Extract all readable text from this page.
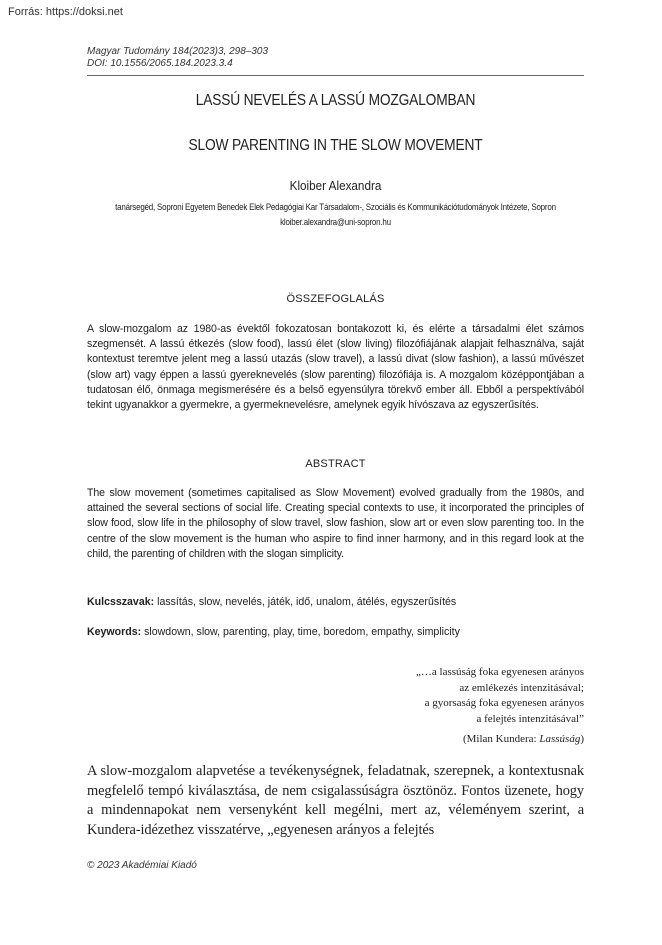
Forrás: https://doksi.net
Magyar Tudomány 184(2023)3, 298–303
DOI: 10.1556/2065.184.2023.3.4
LASSÚ NEVELÉS A LASSÚ MOZGALOMBAN
SLOW PARENTING IN THE SLOW MOVEMENT
Kloiber Alexandra
tanársegéd, Soproni Egyetem Benedek Elek Pedagógiai Kar Társadalom-, Szociális és Kommunikációtudományok Intézete, Sopron
kloiber.alexandra@uni-sopron.hu
ÖSSZEFOGLALÁS
A slow-mozgalom az 1980-as évektől fokozatosan bontakozott ki, és elérte a társadalmi élet számos szegmensét. A lassú étkezés (slow food), lassú élet (slow living) filozófiájának alapjait felhasználva, saját kontextust teremtve jelent meg a lassú utazás (slow travel), a lassú divat (slow fashion), a lassú művészet (slow art) vagy éppen a lassú gyereknevelés (slow parenting) filozófiája is. A mozgalom középpontjában a tudatosan élő, önmaga megismerésére és a belső egyensúlyra törekvő ember áll. Ebből a perspektívából tekint ugyanakkor a gyermekre, a gyermeknevelésre, amelynek egyik hívószava az egyszerűsítés.
ABSTRACT
The slow movement (sometimes capitalised as Slow Movement) evolved gradually from the 1980s, and attained the several sections of social life. Creating special contexts to use, it incorporated the principles of slow food, slow life in the philosophy of slow travel, slow fashion, slow art or even slow parenting too. In the centre of the slow movement is the human who aspire to find inner harmony, and in this regard look at the child, the parenting of children with the slogan simplicity.
Kulcsszavak: lassítás, slow, nevelés, játék, idő, unalom, átélés, egyszerűsítés
Keywords: slowdown, slow, parenting, play, time, boredom, empathy, simplicity
„…a lassúság foka egyenesen arányos
az emlékezés intenzitásával;
a gyorsaság foka egyenesen arányos
a felejtés intenzitásával”
(Milan Kundera: Lassúság)
A slow-mozgalom alapvetése a tevékenységnek, feladatnak, szerepnek, a kontextusnak megfelelő tempó kiválasztása, de nem csigalassúságra ösztönöz. Fontos üzenete, hogy a mindennapokat nem versenyként kell megélni, mert az, véleményem szerint, a Kundera-idézethez visszatérve, „egyenesen arányos a felejtés
© 2023 Akadémiai Kiadó
